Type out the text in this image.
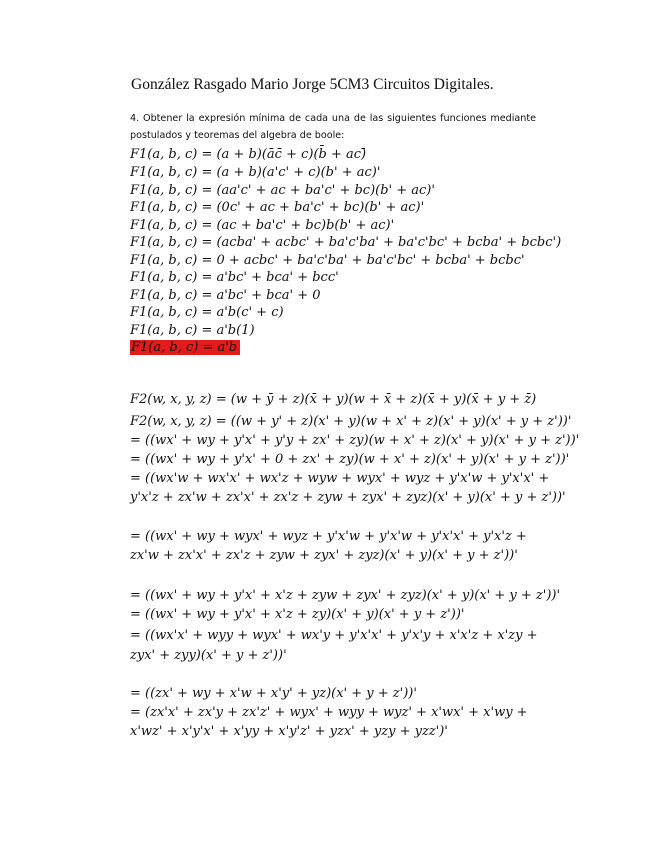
González Rasgado Mario Jorge 5CM3 Circuitos Digitales.
4. Obtener la expresión mínima de cada una de las siguientes funciones mediante postulados y teoremas del algebra de boole:
F1(a, b, c) = (a + b)(āc̄ + c)(b̄ + ac)̄
F1(a, b, c) = (a + b)(a'c' + c)(b' + ac)'
F1(a, b, c) = (aa'c' + ac + ba'c' + bc)(b' + ac)'
F1(a, b, c) = (0c' + ac + ba'c' + bc)(b' + ac)'
F1(a, b, c) = (ac + ba'c' + bc)b(b' + ac)'
F1(a, b, c) = (acba' + acbc' + ba'c'ba' + ba'c'bc' + bcba' + bcbc')
F1(a, b, c) = 0 + acbc' + ba'c'ba' + ba'c'bc' + bcba' + bcbc'
F1(a, b, c) = a'bc' + bca' + bcc'
F1(a, b, c) = a'bc' + bca' + 0
F1(a, b, c) = a'b(c' + c)
F1(a, b, c) = a'b(1)
F1(a, b, c) = a'b
F2(w, x, y, z) = (w + ȳ + z)(x̄ + y)(w + x̄ + z)(x̄ + y)(x̄ + y + z̄)
F2(w, x, y, z) = ((w + y' + z)(x' + y)(w + x' + z)(x' + y)(x' + y + z'))'
= ((wx' + wy + y'x' + y'y + zx' + zy)(w + x' + z)(x' + y)(x' + y + z'))'
= ((wx' + wy + y'x' + 0 + zx' + zy)(w + x' + z)(x' + y)(x' + y + z'))'
= ((wx'w + wx'x' + wx'z + wyw + wyx' + wyz + y'x'w + y'x'x' +
y'x'z + zx'w + zx'x' + zx'z + zyw + zyx' + zyz)(x' + y)(x' + y + z'))'
= ((wx' + wy + wyx' + wyz + y'x'w + y'x'w + y'x'x' + y'x'z +
zx'w + zx'x' + zx'z + zyw + zyx' + zyz)(x' + y)(x' + y + z'))'
= ((wx' + wy + y'x' + x'z + zyw + zyx' + zyz)(x' + y)(x' + y + z'))'
= ((wx' + wy + y'x' + x'z + zy)(x' + y)(x' + y + z'))'
= ((wx'x' + wyy + wyx' + wx'y + y'x'x' + y'x'y + x'x'z + x'zy +
zyx' + zyy)(x' + y + z'))'
= ((zx' + wy + x'w + x'y' + yz)(x' + y + z'))'
= (zx'x' + zx'y + zx'z' + wyx' + wyy + wyz' + x'wx' + x'wy +
x'wz' + x'y'x' + x'yy + x'y'z' + yzx' + yzy + yzz')'
